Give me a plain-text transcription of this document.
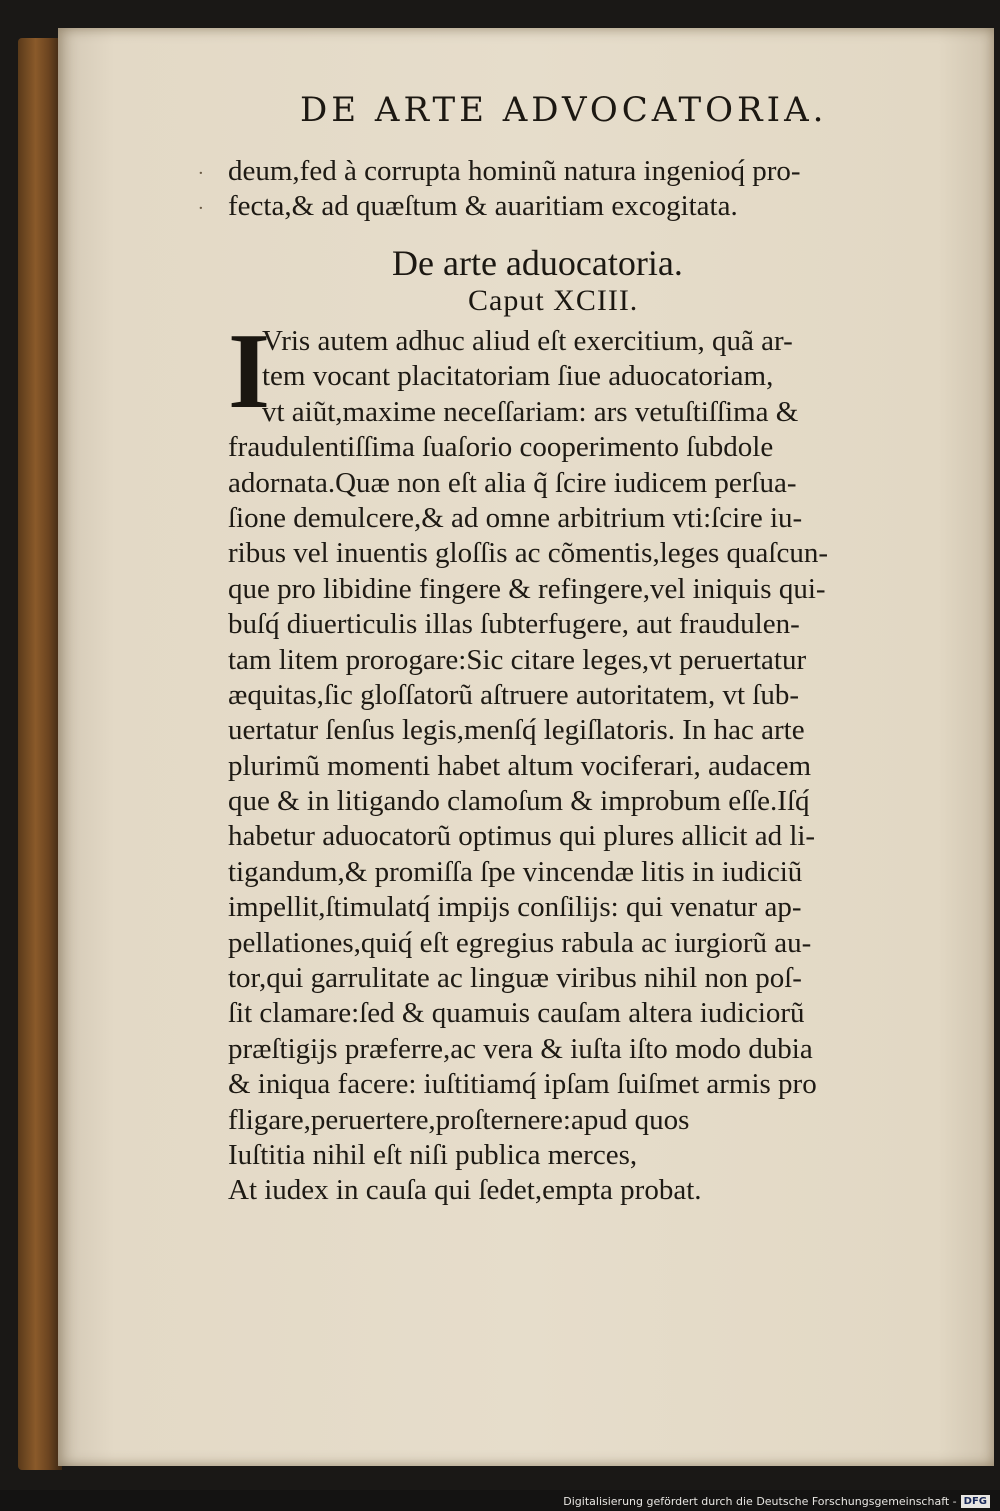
DE ARTE ADVOCATORIA.
·
·
deum,fed à corrupta hominũ natura ingenioq́ pro-
fecta,& ad quæſtum & auaritiam excogitata.
De arte aduocatoria.
Caput XCIII.
I
Vris autem adhuc aliud eſt exercitium, quã ar-
tem vocant placitatoriam ſiue aduocatoriam,
vt aiũt,maxime neceſſariam: ars vetuſtiſſima &
fraudulentiſſima ſuaſorio cooperimento ſubdole
adornata.Quæ non eſt alia q̃ ſcire iudicem perſua-
ſione demulcere,& ad omne arbitrium vti:ſcire iu-
ribus vel inuentis gloſſis ac cõmentis,leges quaſcun-
que pro libidine fingere & refingere,vel iniquis qui-
buſq́ diuerticulis illas ſubterfugere, aut fraudulen-
tam litem prorogare:Sic citare leges,vt peruertatur
æquitas,ſic gloſſatorũ aſtruere autoritatem, vt ſub-
uertatur ſenſus legis,menſq́ legiſlatoris. In hac arte
plurimũ momenti habet altum vociferari, audacem
que & in litigando clamoſum & improbum eſſe.Iſq́
habetur aduocatorũ optimus qui plures allicit ad li-
tigandum,& promiſſa ſpe vincendæ litis in iudiciũ
impellit,ſtimulatq́ impijs conſilijs: qui venatur ap-
pellationes,quiq́ eſt egregius rabula ac iurgiorũ au-
tor,qui garrulitate ac linguæ viribus nihil non poſ-
ſit clamare:ſed & quamuis cauſam altera iudiciorũ
præſtigijs præferre,ac vera & iuſta iſto modo dubia
& iniqua facere: iuſtitiamq́ ipſam ſuiſmet armis pro
fligare,peruertere,proſternere:apud quos
Iuſtitia nihil eſt niſi publica merces,
At iudex in cauſa qui ſedet,empta probat.
Digitalisierung gefördert durch die Deutsche Forschungsgemeinschaft - DFG
